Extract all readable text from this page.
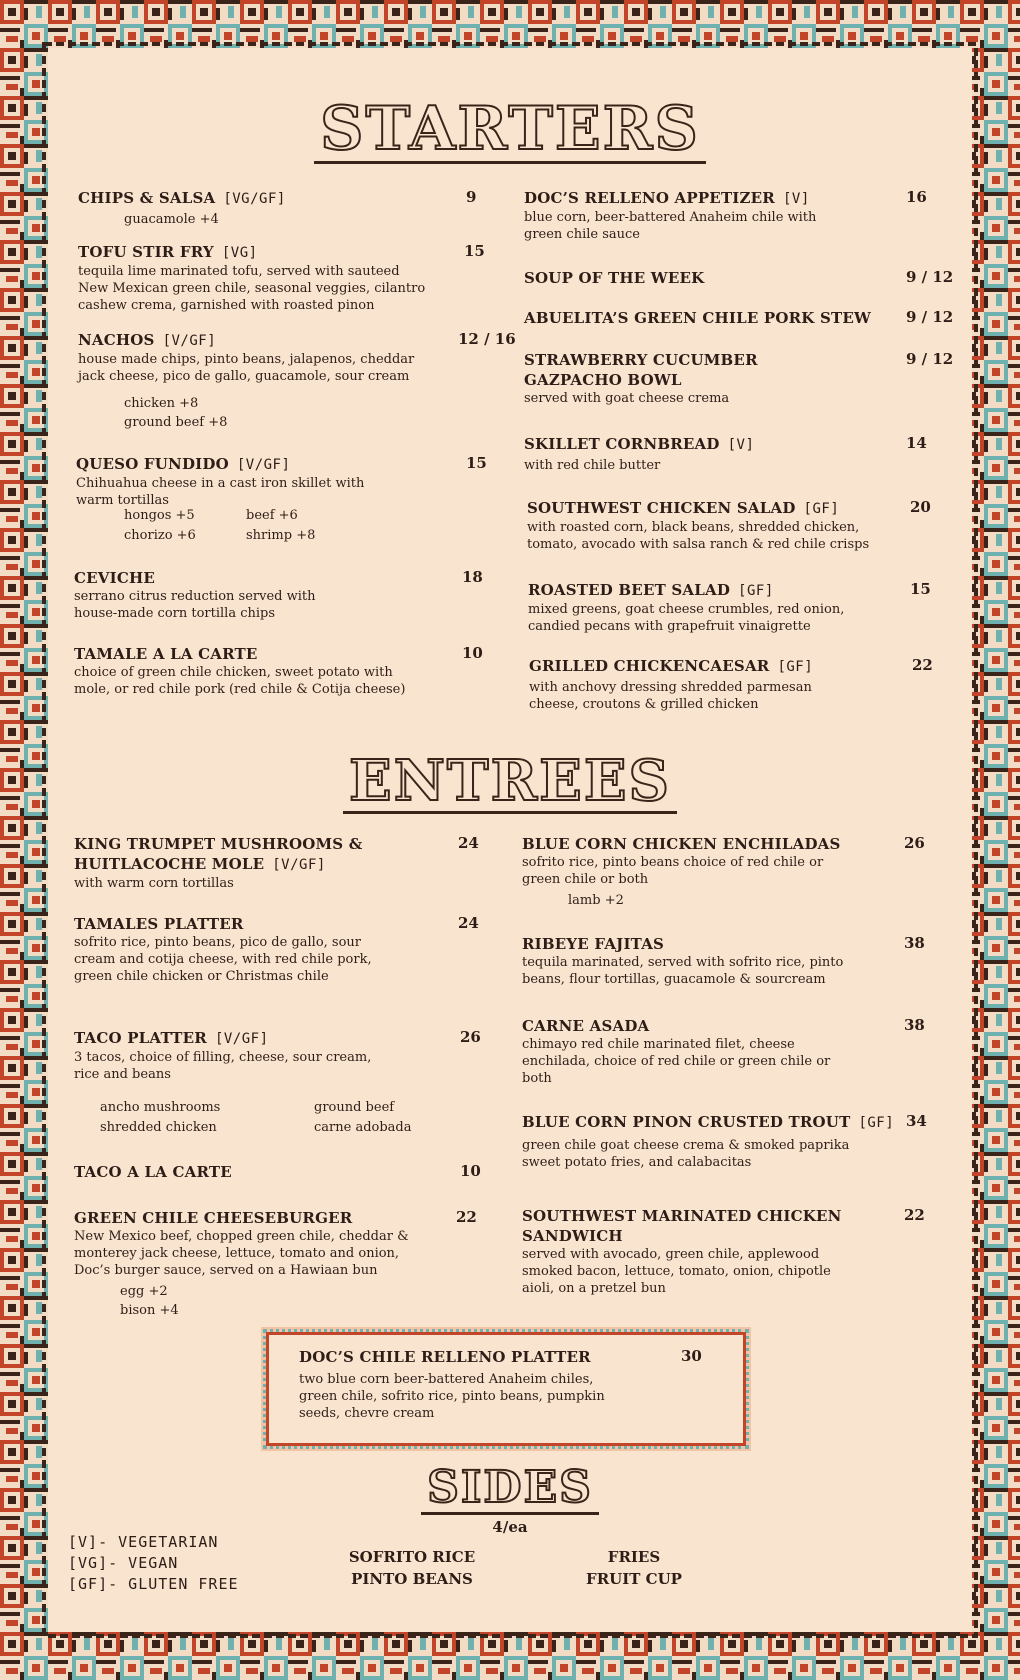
STARTERS
CHIPS & SALSA [VG/GF]
guacamole +4
9
TOFU STIR FRY [VG]
tequila lime marinated tofu, served with sauteed
New Mexican green chile, seasonal veggies, cilantro
cashew crema, garnished with roasted pinon
15
NACHOS [V/GF]
house made chips, pinto beans, jalapenos, cheddar
jack cheese, pico de gallo, guacamole, sour cream
chicken +8
ground beef +8
12 / 16
QUESO FUNDIDO [V/GF]
Chihuahua cheese in a cast iron skillet with
warm tortillas
hongos +5
chorizo +6
beef +6
shrimp +8
15
CEVICHE
serrano citrus reduction served with
house-made corn tortilla chips
18
TAMALE A LA CARTE
choice of green chile chicken, sweet potato with
mole, or red chile pork (red chile & Cotija cheese)
10
DOC’S RELLENO APPETIZER [V]
blue corn, beer-battered Anaheim chile with
green chile sauce
16
SOUP OF THE WEEK	9 / 12
ABUELITA’S GREEN CHILE PORK STEW	9 / 12
STRAWBERRY CUCUMBER
GAZPACHO BOWL
served with goat cheese crema
9 / 12
SKILLET CORNBREAD [V]
with red chile butter
14
SOUTHWEST CHICKEN SALAD [GF]
with roasted corn, black beans, shredded chicken,
tomato, avocado with salsa ranch & red chile crisps
20
ROASTED BEET SALAD [GF]
mixed greens, goat cheese crumbles, red onion,
candied pecans with grapefruit vinaigrette
15
GRILLED CHICKENCAESAR [GF]
with anchovy dressing shredded parmesan
cheese, croutons & grilled chicken
22
ENTREES
KING TRUMPET MUSHROOMS &
HUITLACOCHE MOLE [V/GF]
with warm corn tortillas
24
TAMALES PLATTER
sofrito rice, pinto beans, pico de gallo, sour
cream and cotija cheese, with red chile pork,
green chile chicken or Christmas chile
24
TACO PLATTER [V/GF]
3 tacos, choice of filling, cheese, sour cream,
rice and beans
ancho mushrooms
shredded chicken
ground beef
carne adobada
26
TACO A LA CARTE	10
GREEN CHILE CHEESEBURGER
New Mexico beef, chopped green chile, cheddar &
monterey jack cheese, lettuce, tomato and onion,
Doc’s burger sauce, served on a Hawiaan bun
egg +2
bison +4
22
BLUE CORN CHICKEN ENCHILADAS
sofrito rice, pinto beans choice of red chile or
green chile or both
lamb +2
26
RIBEYE FAJITAS
tequila marinated, served with sofrito rice, pinto
beans, flour tortillas, guacamole & sourcream
38
CARNE ASADA
chimayo red chile marinated filet, cheese
enchilada, choice of red chile or green chile or
both
38
BLUE CORN PINON CRUSTED TROUT [GF]
green chile goat cheese crema & smoked paprika
sweet potato fries, and calabacitas
34
SOUTHWEST MARINATED CHICKEN
SANDWICH
served with avocado, green chile, applewood
smoked bacon, lettuce, tomato, onion, chipotle
aioli, on a pretzel bun
22
DOC’S CHILE RELLENO PLATTER
two blue corn beer-battered Anaheim chiles,
green chile, sofrito rice, pinto beans, pumpkin
seeds, chevre cream
30
SIDES
4/ea
SOFRITO RICE
PINTO BEANS
FRIES
FRUIT CUP
[V]- VEGETARIAN
[VG]- VEGAN
[GF]- GLUTEN FREE
